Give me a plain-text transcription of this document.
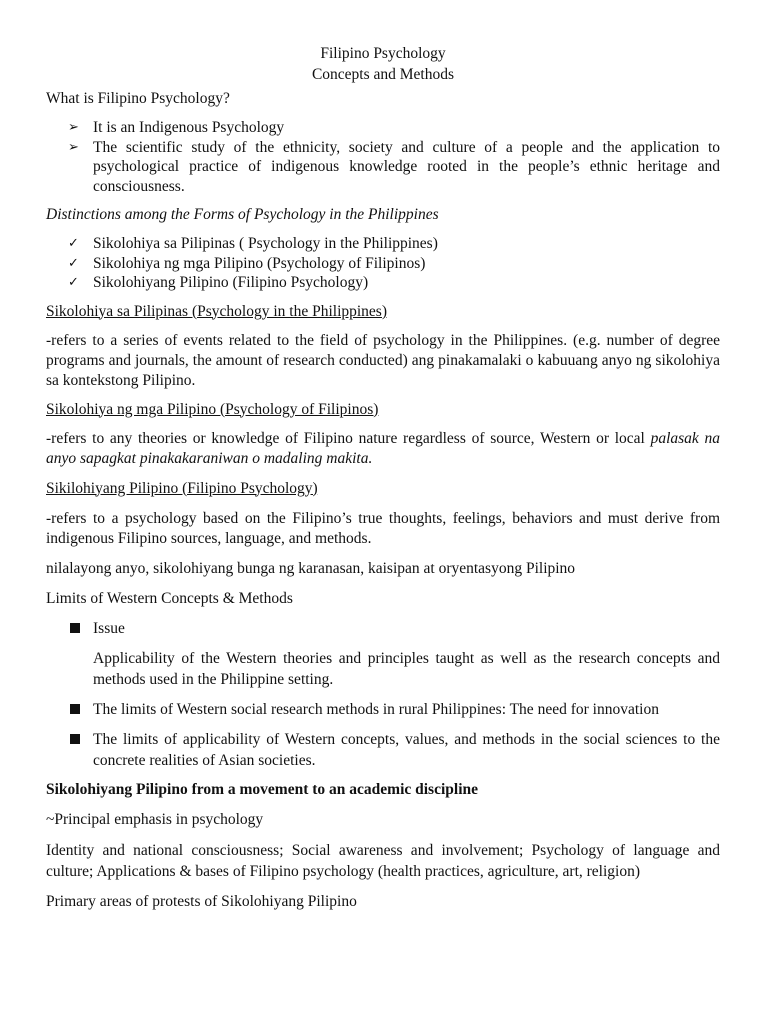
Filipino Psychology
Concepts and Methods

What is Filipino Psychology?

➢ It is an Indigenous Psychology
➢ The scientific study of the ethnicity, society and culture of a people and the application to psychological practice of indigenous knowledge rooted in the people’s ethnic heritage and consciousness.

Distinctions among the Forms of Psychology in the Philippines

✓ Sikolohiya sa Pilipinas ( Psychology in the Philippines)
✓ Sikolohiya ng mga Pilipino (Psychology of Filipinos)
✓ Sikolohiyang Pilipino (Filipino Psychology)

Sikolohiya sa Pilipinas (Psychology in the Philippines)

-refers to a series of events related to the field of psychology in the Philippines. (e.g. number of degree programs and journals, the amount of research conducted) ang pinakamalaki o kabuuang anyo ng sikolohiya sa kontekstong Pilipino.

Sikolohiya ng mga Pilipino (Psychology of Filipinos)

-refers to any theories or knowledge of Filipino nature regardless of source, Western or local palasak na anyo sapagkat pinakakaraniwan o madaling makita.

Sikilohiyang Pilipino (Filipino Psychology)

-refers to a psychology based on the Filipino’s true thoughts, feelings, behaviors and must derive from indigenous Filipino sources, language, and methods.

nilalayong anyo, sikolohiyang bunga ng karanasan, kaisipan at oryentasyong Pilipino

Limits of Western Concepts & Methods

Issue

Applicability of the Western theories and principles taught as well as the research concepts and methods used in the Philippine setting.

The limits of Western social research methods in rural Philippines: The need for innovation
The limits of applicability of Western concepts, values, and methods in the social sciences to the concrete realities of Asian societies.

Sikolohiyang Pilipino from a movement to an academic discipline

~Principal emphasis in psychology

Identity and national consciousness; Social awareness and involvement; Psychology of language and culture; Applications & bases of Filipino psychology (health practices, agriculture, art, religion)

Primary areas of protests of Sikolohiyang Pilipino
